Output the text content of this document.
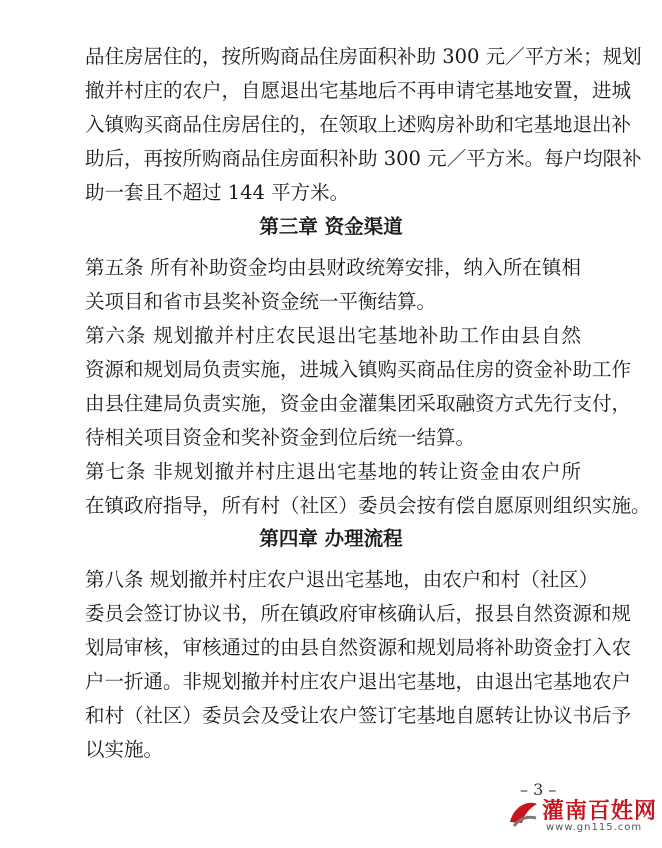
品住房居住的，按所购商品住房面积补助 300 元／平方米；规划
撤并村庄的农户，自愿退出宅基地后不再申请宅基地安置，进城
入镇购买商品住房居住的，在领取上述购房补助和宅基地退出补
助后，再按所购商品住房面积补助 300 元／平方米。每户均限补
助一套且不超过 144 平方米。
第三章 资金渠道
第五条 所有补助资金均由县财政统筹安排，纳入所在镇相
关项目和省市县奖补资金统一平衡结算。
第六条 规划撤并村庄农民退出宅基地补助工作由县自然
资源和规划局负责实施，进城入镇购买商品住房的资金补助工作
由县住建局负责实施，资金由金灌集团采取融资方式先行支付，
待相关项目资金和奖补资金到位后统一结算。
第七条 非规划撤并村庄退出宅基地的转让资金由农户所
在镇政府指导，所有村（社区）委员会按有偿自愿原则组织实施。
第四章 办理流程
第八条 规划撤并村庄农户退出宅基地，由农户和村（社区）
委员会签订协议书，所在镇政府审核确认后，报县自然资源和规
划局审核，审核通过的由县自然资源和规划局将补助资金打入农
户一折通。非规划撤并村庄农户退出宅基地，由退出宅基地农户
和村（社区）委员会及受让农户签订宅基地自愿转让协议书后予
以实施。
– 3 –
灌南百姓网
www.gn115.com
